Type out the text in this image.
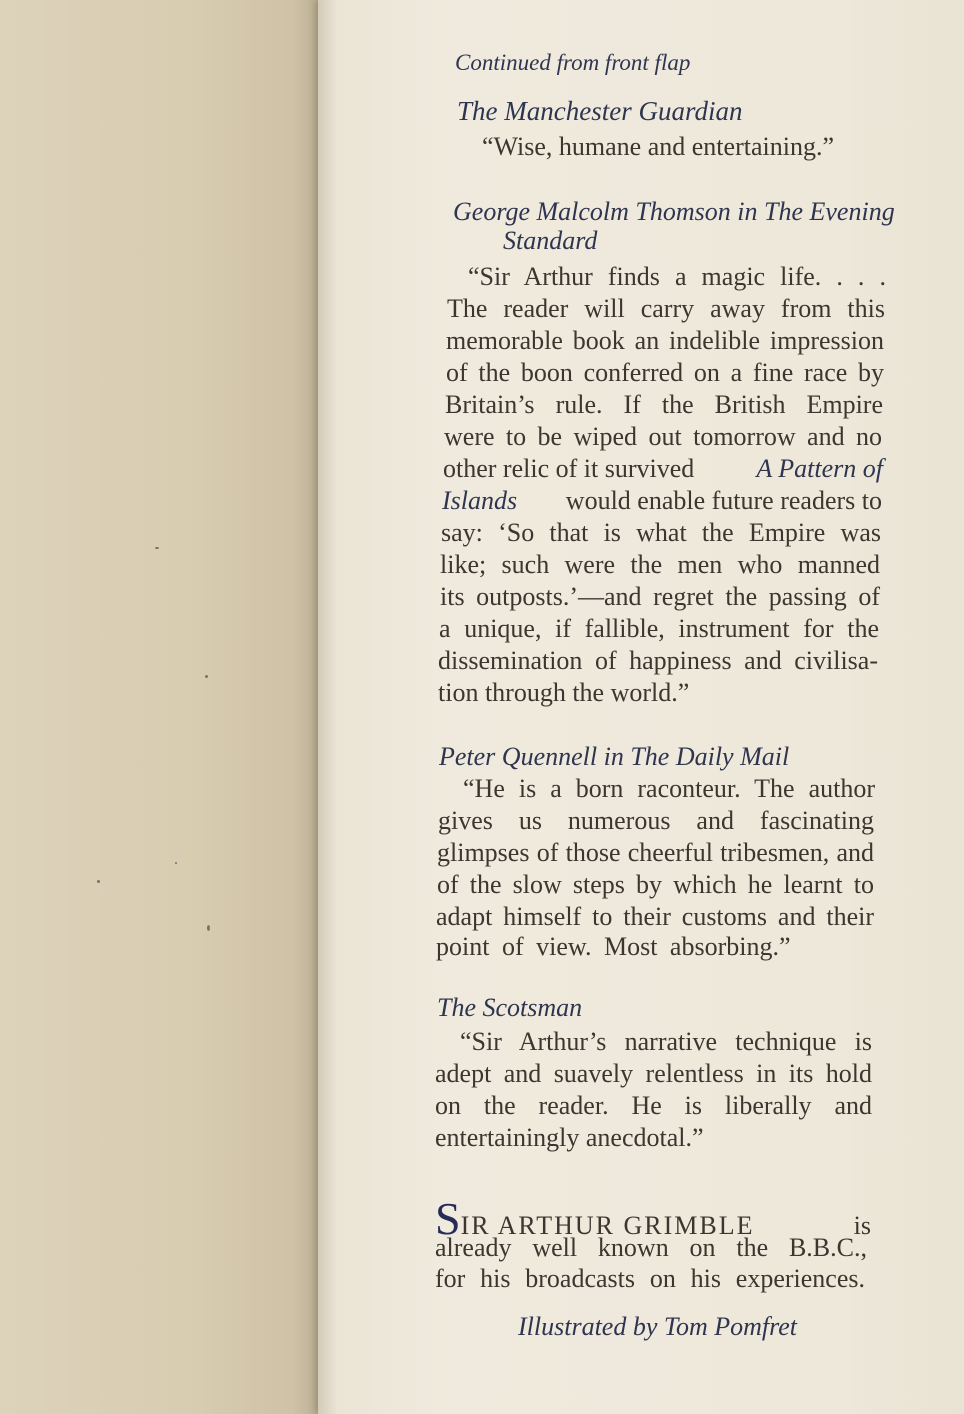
Continued from front flap
The Manchester Guardian
“Wise, humane and entertaining.”
George Malcolm Thomson in The Evening
Standard
“Sir Arthur finds a magic life. . . .
The reader will carry away from this
memorable book an indelible impression
of the boon conferred on a fine race by
Britain’s rule. If the British Empire
were to be wiped out tomorrow and no
other relic of it survived A Pattern of
Islands would enable future readers to
say: ‘So that is what the Empire was
like; such were the men who manned
its outposts.’—and regret the passing of
a unique, if fallible, instrument for the
dissemination of happiness and civilisa-
tion through the world.”
Peter Quennell in The Daily Mail
“He is a born raconteur. The author
gives us numerous and fascinating
glimpses of those cheerful tribesmen, and
of the slow steps by which he learnt to
adapt himself to their customs and their
point of view. Most absorbing.”
The Scotsman
“Sir Arthur’s narrative technique is
adept and suavely relentless in its hold
on the reader. He is liberally and
entertainingly anecdotal.”
SIR ARTHUR GRIMBLE	is
already well known on the B.B.C.,
for his broadcasts on his experiences.
Illustrated by Tom Pomfret
